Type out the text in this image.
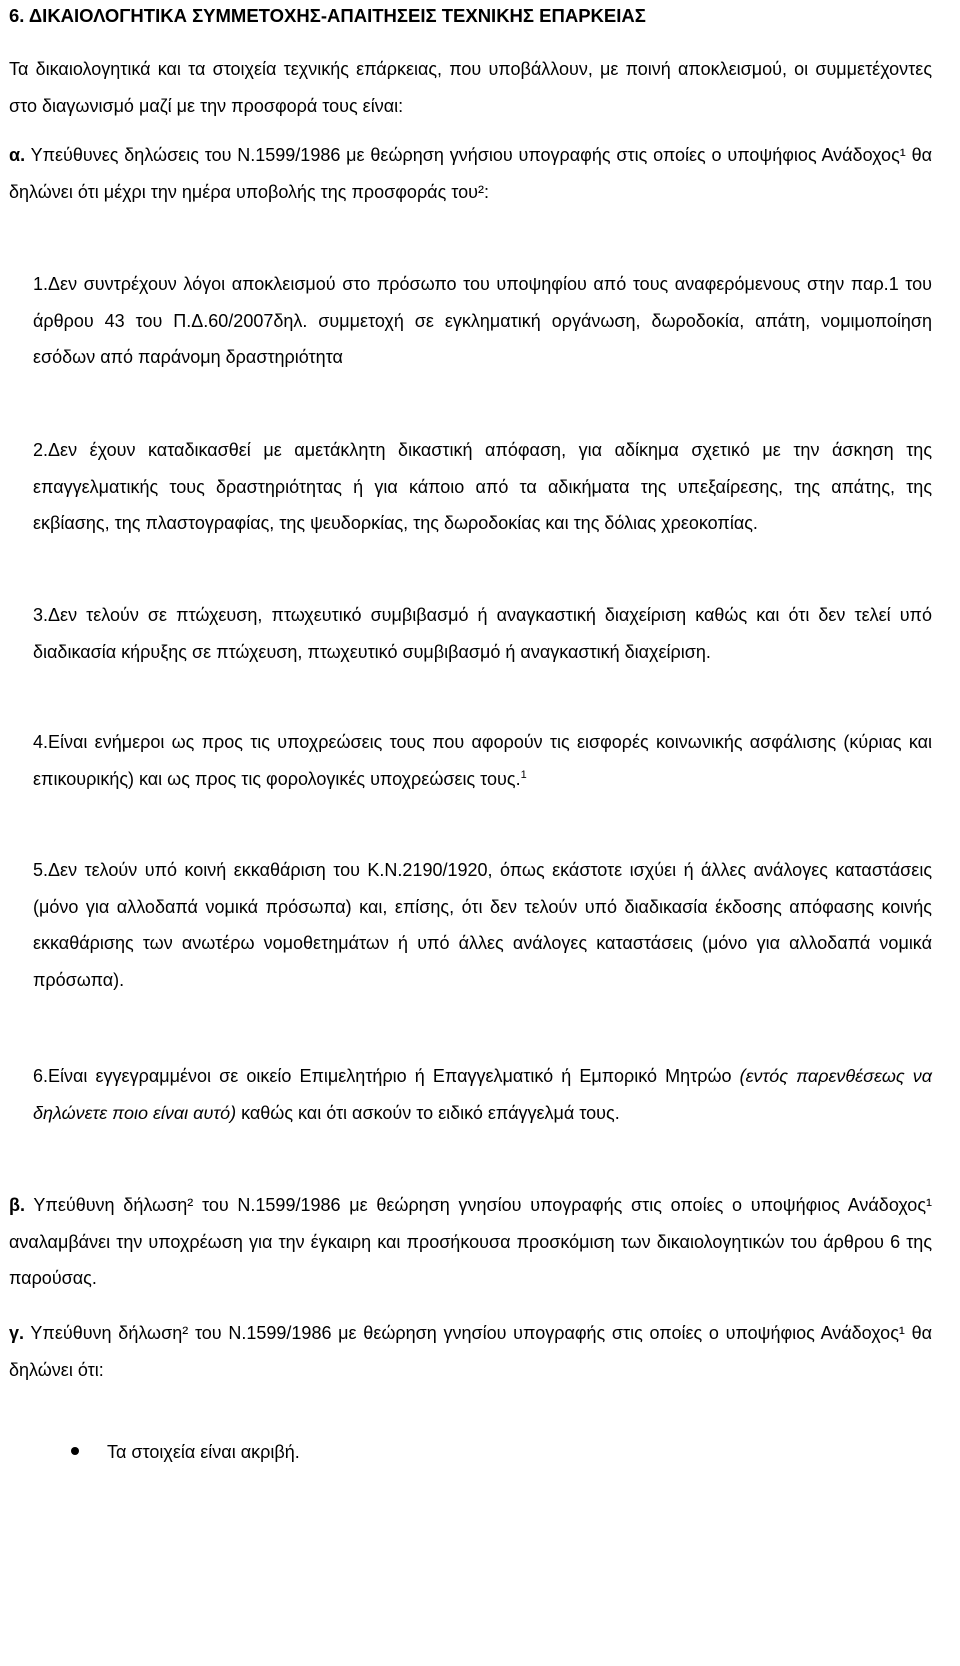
6. ΔΙΚΑΙΟΛΟΓΗΤΙΚΑ ΣΥΜΜΕΤΟΧΗΣ-ΑΠΑΙΤΗΣΕΙΣ ΤΕΧΝΙΚΗΣ ΕΠΑΡΚΕΙΑΣ

Τα δικαιολογητικά και τα στοιχεία τεχνικής επάρκειας, που υποβάλλουν, με ποινή αποκλεισμού, οι συμμετέχοντες στο διαγωνισμό μαζί με την προσφορά τους είναι:

α. Υπεύθυνες δηλώσεις του Ν.1599/1986 με θεώρηση γνήσιου υπογραφής στις οποίες ο υποψήφιος Ανάδοχος¹ θα δηλώνει ότι μέχρι την ημέρα υποβολής της προσφοράς του²:

1.Δεν συντρέχουν λόγοι αποκλεισμού στο πρόσωπο του υποψηφίου από τους αναφερόμενους στην παρ.1 του άρθρου 43 του Π.Δ.60/2007δηλ. συμμετοχή σε εγκληματική οργάνωση, δωροδοκία, απάτη, νομιμοποίηση εσόδων από παράνομη δραστηριότητα

2.Δεν έχουν καταδικασθεί με αμετάκλητη δικαστική απόφαση, για αδίκημα σχετικό με την άσκηση της επαγγελματικής τους δραστηριότητας ή για κάποιο από τα αδικήματα της υπεξαίρεσης, της απάτης, της εκβίασης, της πλαστογραφίας, της ψευδορκίας, της δωροδοκίας και της δόλιας χρεοκοπίας.

3.Δεν τελούν σε πτώχευση, πτωχευτικό συμβιβασμό ή αναγκαστική διαχείριση καθώς και ότι δεν τελεί υπό διαδικασία κήρυξης σε πτώχευση, πτωχευτικό συμβιβασμό ή αναγκαστική διαχείριση.

4.Είναι ενήμεροι ως προς τις υποχρεώσεις τους που αφορούν τις εισφορές κοινωνικής ασφάλισης (κύριας και επικουρικής) και ως προς τις φορολογικές υποχρεώσεις τους.$^1$

5.Δεν τελούν υπό κοινή εκκαθάριση του Κ.Ν.2190/1920, όπως εκάστοτε ισχύει ή άλλες ανάλογες καταστάσεις (μόνο για αλλοδαπά νομικά πρόσωπα) και, επίσης, ότι δεν τελούν υπό διαδικασία έκδοσης απόφασης κοινής εκκαθάρισης των ανωτέρω νομοθετημάτων ή υπό άλλες ανάλογες καταστάσεις (μόνο για αλλοδαπά νομικά πρόσωπα).

6.Είναι εγγεγραμμένοι σε οικείο Επιμελητήριο ή Επαγγελματικό ή Εμπορικό Μητρώο (εντός παρενθέσεως να δηλώνετε ποιο είναι αυτό) καθώς και ότι ασκούν το ειδικό επάγγελμά τους.

β. Υπεύθυνη δήλωση² του Ν.1599/1986 με θεώρηση γνησίου υπογραφής στις οποίες ο υποψήφιος Ανάδοχος¹ αναλαμβάνει την υποχρέωση για την έγκαιρη και προσήκουσα προσκόμιση των δικαιολογητικών του άρθρου 6 της παρούσας.

γ. Υπεύθυνη δήλωση² του Ν.1599/1986 με θεώρηση γνησίου υπογραφής στις οποίες ο υποψήφιος Ανάδοχος¹ θα δηλώνει ότι:

Τα στοιχεία είναι ακριβή.
